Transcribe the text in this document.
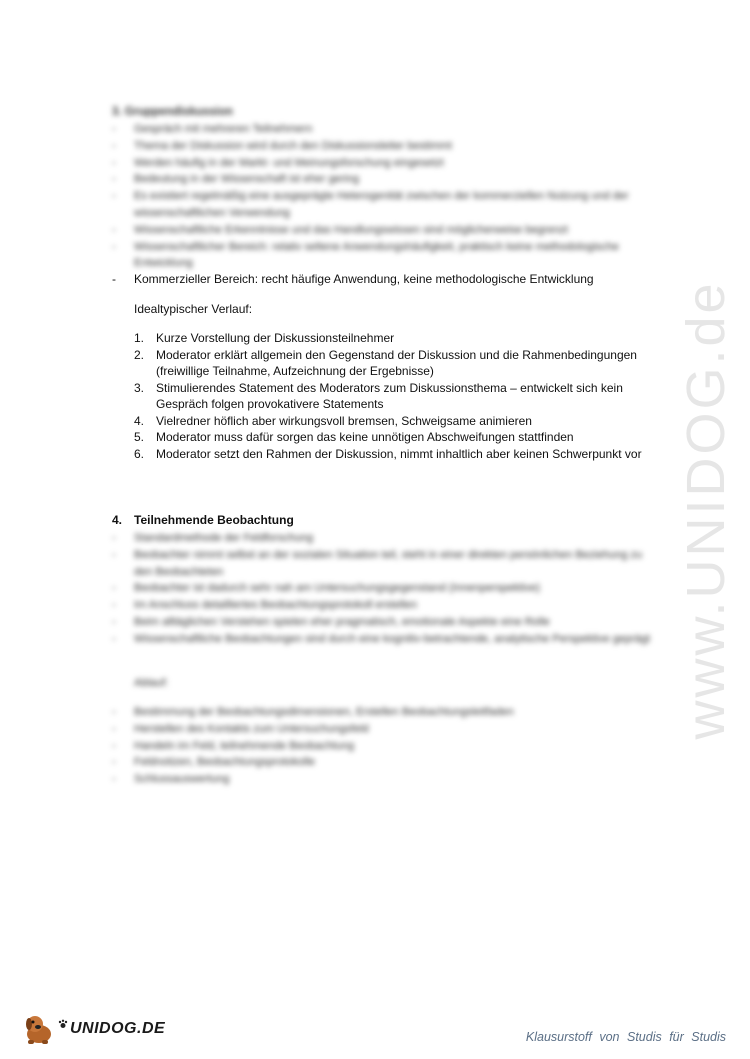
www.UNIDOG.de
3. Gruppendiskussion
- Gespräch mit mehreren Teilnehmern
- Thema der Diskussion wird durch den Diskussionsleiter bestimmt
- Werden häufig in der Markt- und Meinungsforschung eingesetzt
- Bedeutung in der Wissenschaft ist eher gering
- Es existiert regelmäßig eine ausgeprägte Heterogenität zwischen der kommerziellen Nutzung und der wissenschaftlichen Verwendung
- Wissenschaftliche Erkenntnisse und das Handlungswissen sind möglicherweise begrenzt
- Wissenschaftlicher Bereich: relativ seltene Anwendungshäufigkeit, praktisch keine methodologische Entwicklung
- Kommerzieller Bereich: recht häufige Anwendung, keine methodologische Entwicklung
Idealtypischer Verlauf:
1. Kurze Vorstellung der Diskussionsteilnehmer
2. Moderator erklärt allgemein den Gegenstand der Diskussion und die Rahmenbedingungen (freiwillige Teilnahme, Aufzeichnung der Ergebnisse)
3. Stimulierendes Statement des Moderators zum Diskussionsthema – entwickelt sich kein Gespräch folgen provokativere Statements
4. Vielredner höflich aber wirkungsvoll bremsen, Schweigsame animieren
5. Moderator muss dafür sorgen das keine unnötigen Abschweifungen stattfinden
6. Moderator setzt den Rahmen der Diskussion, nimmt inhaltlich aber keinen Schwerpunkt vor
4. Teilnehmende Beobachtung
- Standardmethode der Feldforschung
- Beobachter nimmt selbst an der sozialen Situation teil, steht in einer direkten persönlichen Beziehung zu den Beobachteten
- Beobachter ist dadurch sehr nah am Untersuchungsgegenstand (Innenperspektive)
- Im Anschluss detailliertes Beobachtungsprotokoll erstellen
- Beim alltäglichen Verstehen spielen eher pragmatisch, emotionale Aspekte eine Rolle
- Wissenschaftliche Beobachtungen sind durch eine kognitiv-betrachtende, analytische Perspektive geprägt
Ablauf:
- Bestimmung der Beobachtungsdimensionen, Erstellen Beobachtungsleitfaden
- Herstellen des Kontakts zum Untersuchungsfeld
- Handeln im Feld, teilnehmende Beobachtung
- Feldnotizen, Beobachtungsprotokolle
- Schlussauswertung
UNIDOG.DE	Klausurstoff von Studis für Studis
